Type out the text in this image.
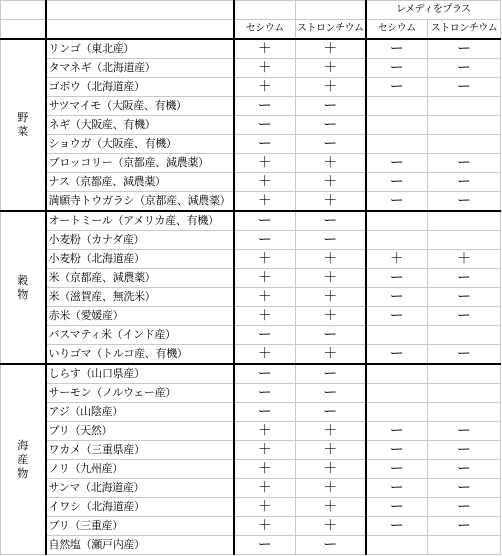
				レメディをプラス	
		セシウム	ストロンチウム	セシウム	ストロンチウム

野
菜	リンゴ（東北産）	＋	＋	ー	ー
	タマネギ（北海道産）	＋	＋	ー	ー
	ゴボウ（北海道産）	＋	＋	ー	ー
	サツマイモ（大阪産、有機）	ー	ー		
	ネギ（大阪産、有機）	ー	ー		
	ショウガ（大阪産、有機）	ー	ー		
	ブロッコリー（京都産、減農薬）	＋	＋	ー	ー
	ナス（京都産、減農薬）	＋	＋	ー	ー
	満願寺トウガラシ（京都産、減農薬）	＋	＋	ー	ー

穀
物	オートミール（アメリカ産、有機）	ー	ー		
	小麦粉（カナダ産）	ー	ー		
	小麦粉（北海道産）	＋	＋	＋	＋
	米（京都産、減農薬）	＋	＋	ー	ー
	米（滋賀産、無洗米）	＋	＋	ー	ー
	赤米（愛媛産）	＋	＋	ー	ー
	バスマティ米（インド産）	ー	ー		
	いりゴマ（トルコ産、有機）	＋	＋	ー	ー

海
産
物	しらす（山口県産）	ー	ー		
	サーモン（ノルウェー産）	ー	ー		
	アジ（山陰産）	ー	ー		
	ブリ（天然）	＋	＋	ー	ー
	ワカメ（三重県産）	＋	＋	ー	ー
	ノリ（九州産）	＋	＋	ー	ー
	サンマ（北海道産）	＋	＋	ー	ー
	イワシ（北海道産）	＋	＋	ー	ー
	ブリ（三重産）	＋	＋	ー	ー
	自然塩（瀬戸内産）	ー	ー		
